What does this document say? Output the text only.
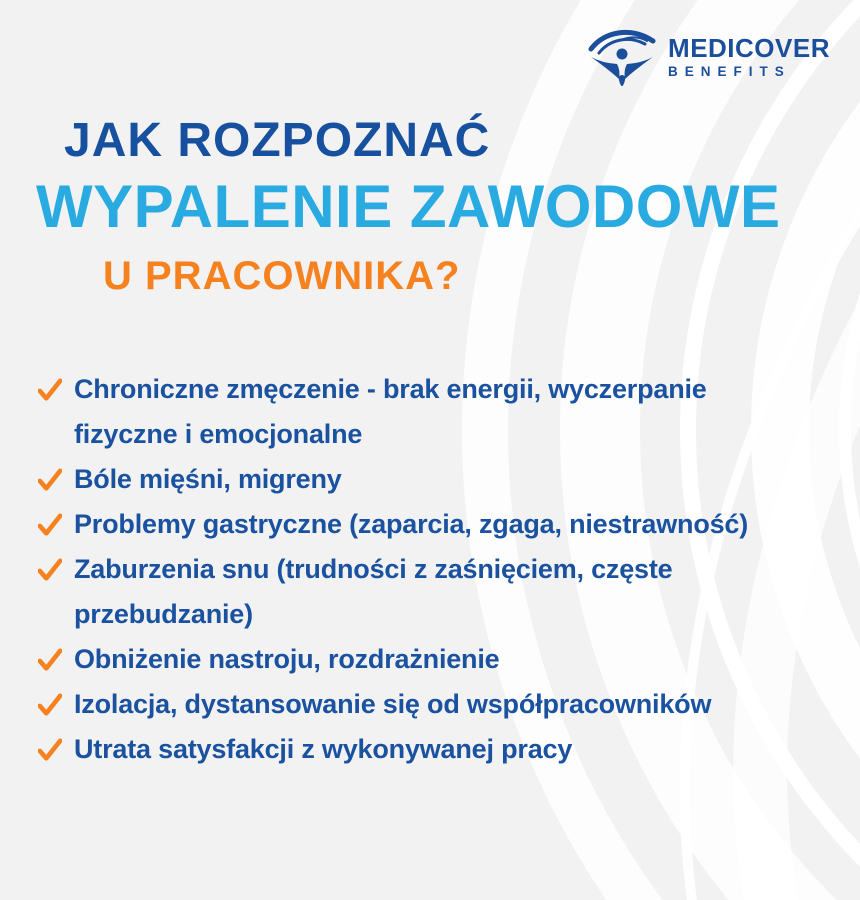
MEDICOVER
BENEFITS
JAK ROZPOZNAĆ
WYPALENIE ZAWODOWE
U PRACOWNIKA?
Chroniczne zmęczenie - brak energii, wyczerpanie fizyczne i emocjonalne
Bóle mięśni, migreny
Problemy gastryczne (zaparcia, zgaga, niestrawność)
Zaburzenia snu (trudności z zaśnięciem, częste przebudzanie)
Obniżenie nastroju, rozdrażnienie
Izolacja, dystansowanie się od współpracowników
Utrata satysfakcji z wykonywanej pracy
